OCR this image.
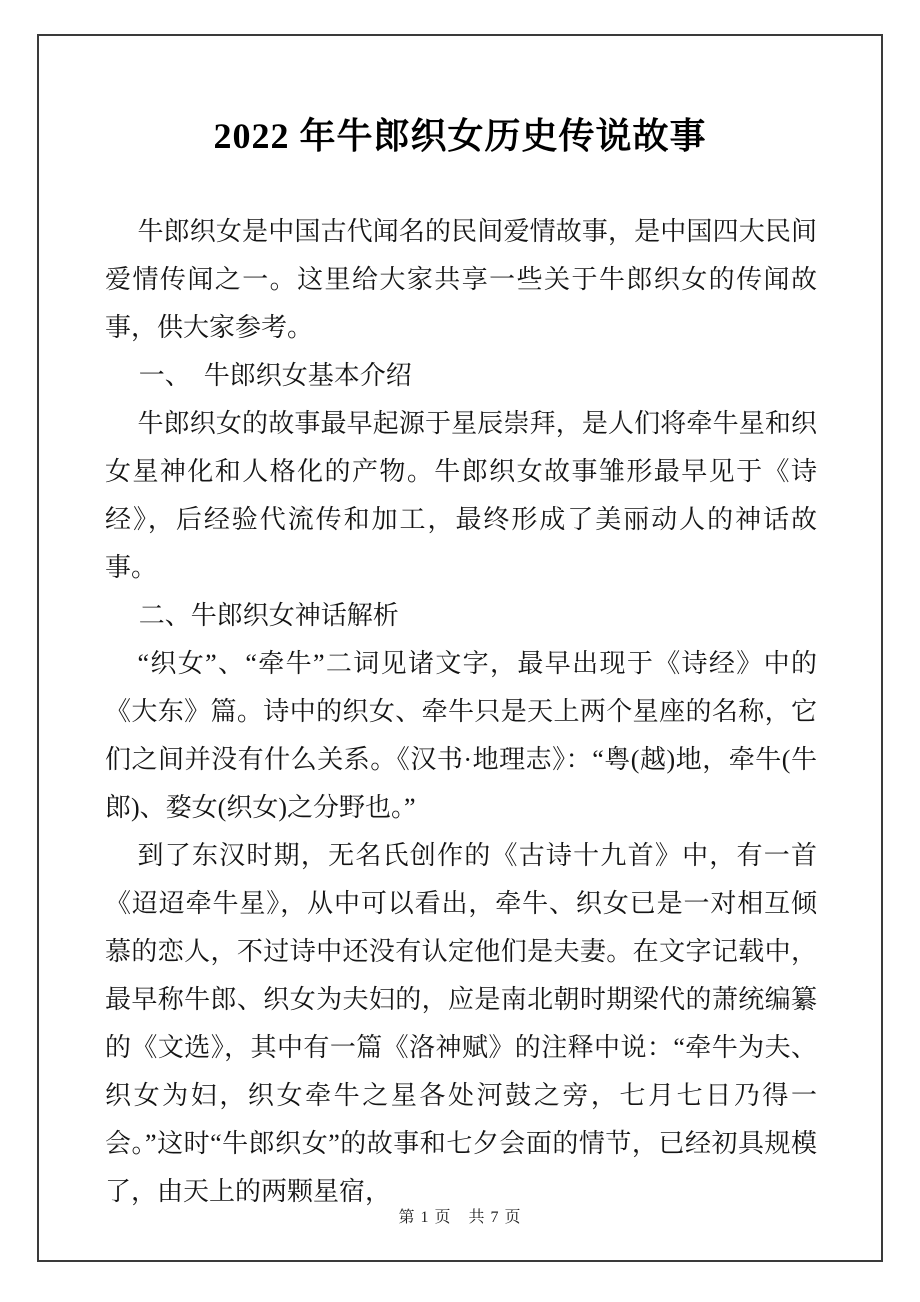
2022 年牛郎织女历史传说故事

牛郎织女是中国古代闻名的民间爱情故事，是中国四大民间爱情传闻之一。这里给大家共享一些关于牛郎织女的传闻故事，供大家参考。

一、　牛郎织女基本介绍

牛郎织女的故事最早起源于星辰崇拜，是人们将牵牛星和织女星神化和人格化的产物。牛郎织女故事雏形最早见于《诗经》，后经验代流传和加工，最终形成了美丽动人的神话故事。

二、牛郎织女神话解析

“织女”、“牵牛”二词见诸文字，最早出现于《诗经》中的《大东》篇。诗中的织女、牵牛只是天上两个星座的名称，它们之间并没有什么关系。《汉书·地理志》：“粤(越)地，牵牛(牛郎)、婺女(织女)之分野也。”

到了东汉时期，无名氏创作的《古诗十九首》中，有一首《迢迢牵牛星》，从中可以看出，牵牛、织女已是一对相互倾慕的恋人，不过诗中还没有认定他们是夫妻。在文字记载中，最早称牛郎、织女为夫妇的，应是南北朝时期梁代的萧统编纂的《文选》，其中有一篇《洛神赋》的注释中说：“牵牛为夫、织女为妇，织女牵牛之星各处河鼓之旁，七月七日乃得一会。”这时“牛郎织女”的故事和七夕会面的情节，已经初具规模了，由天上的两颗星宿，

第 1 页　共 7 页
